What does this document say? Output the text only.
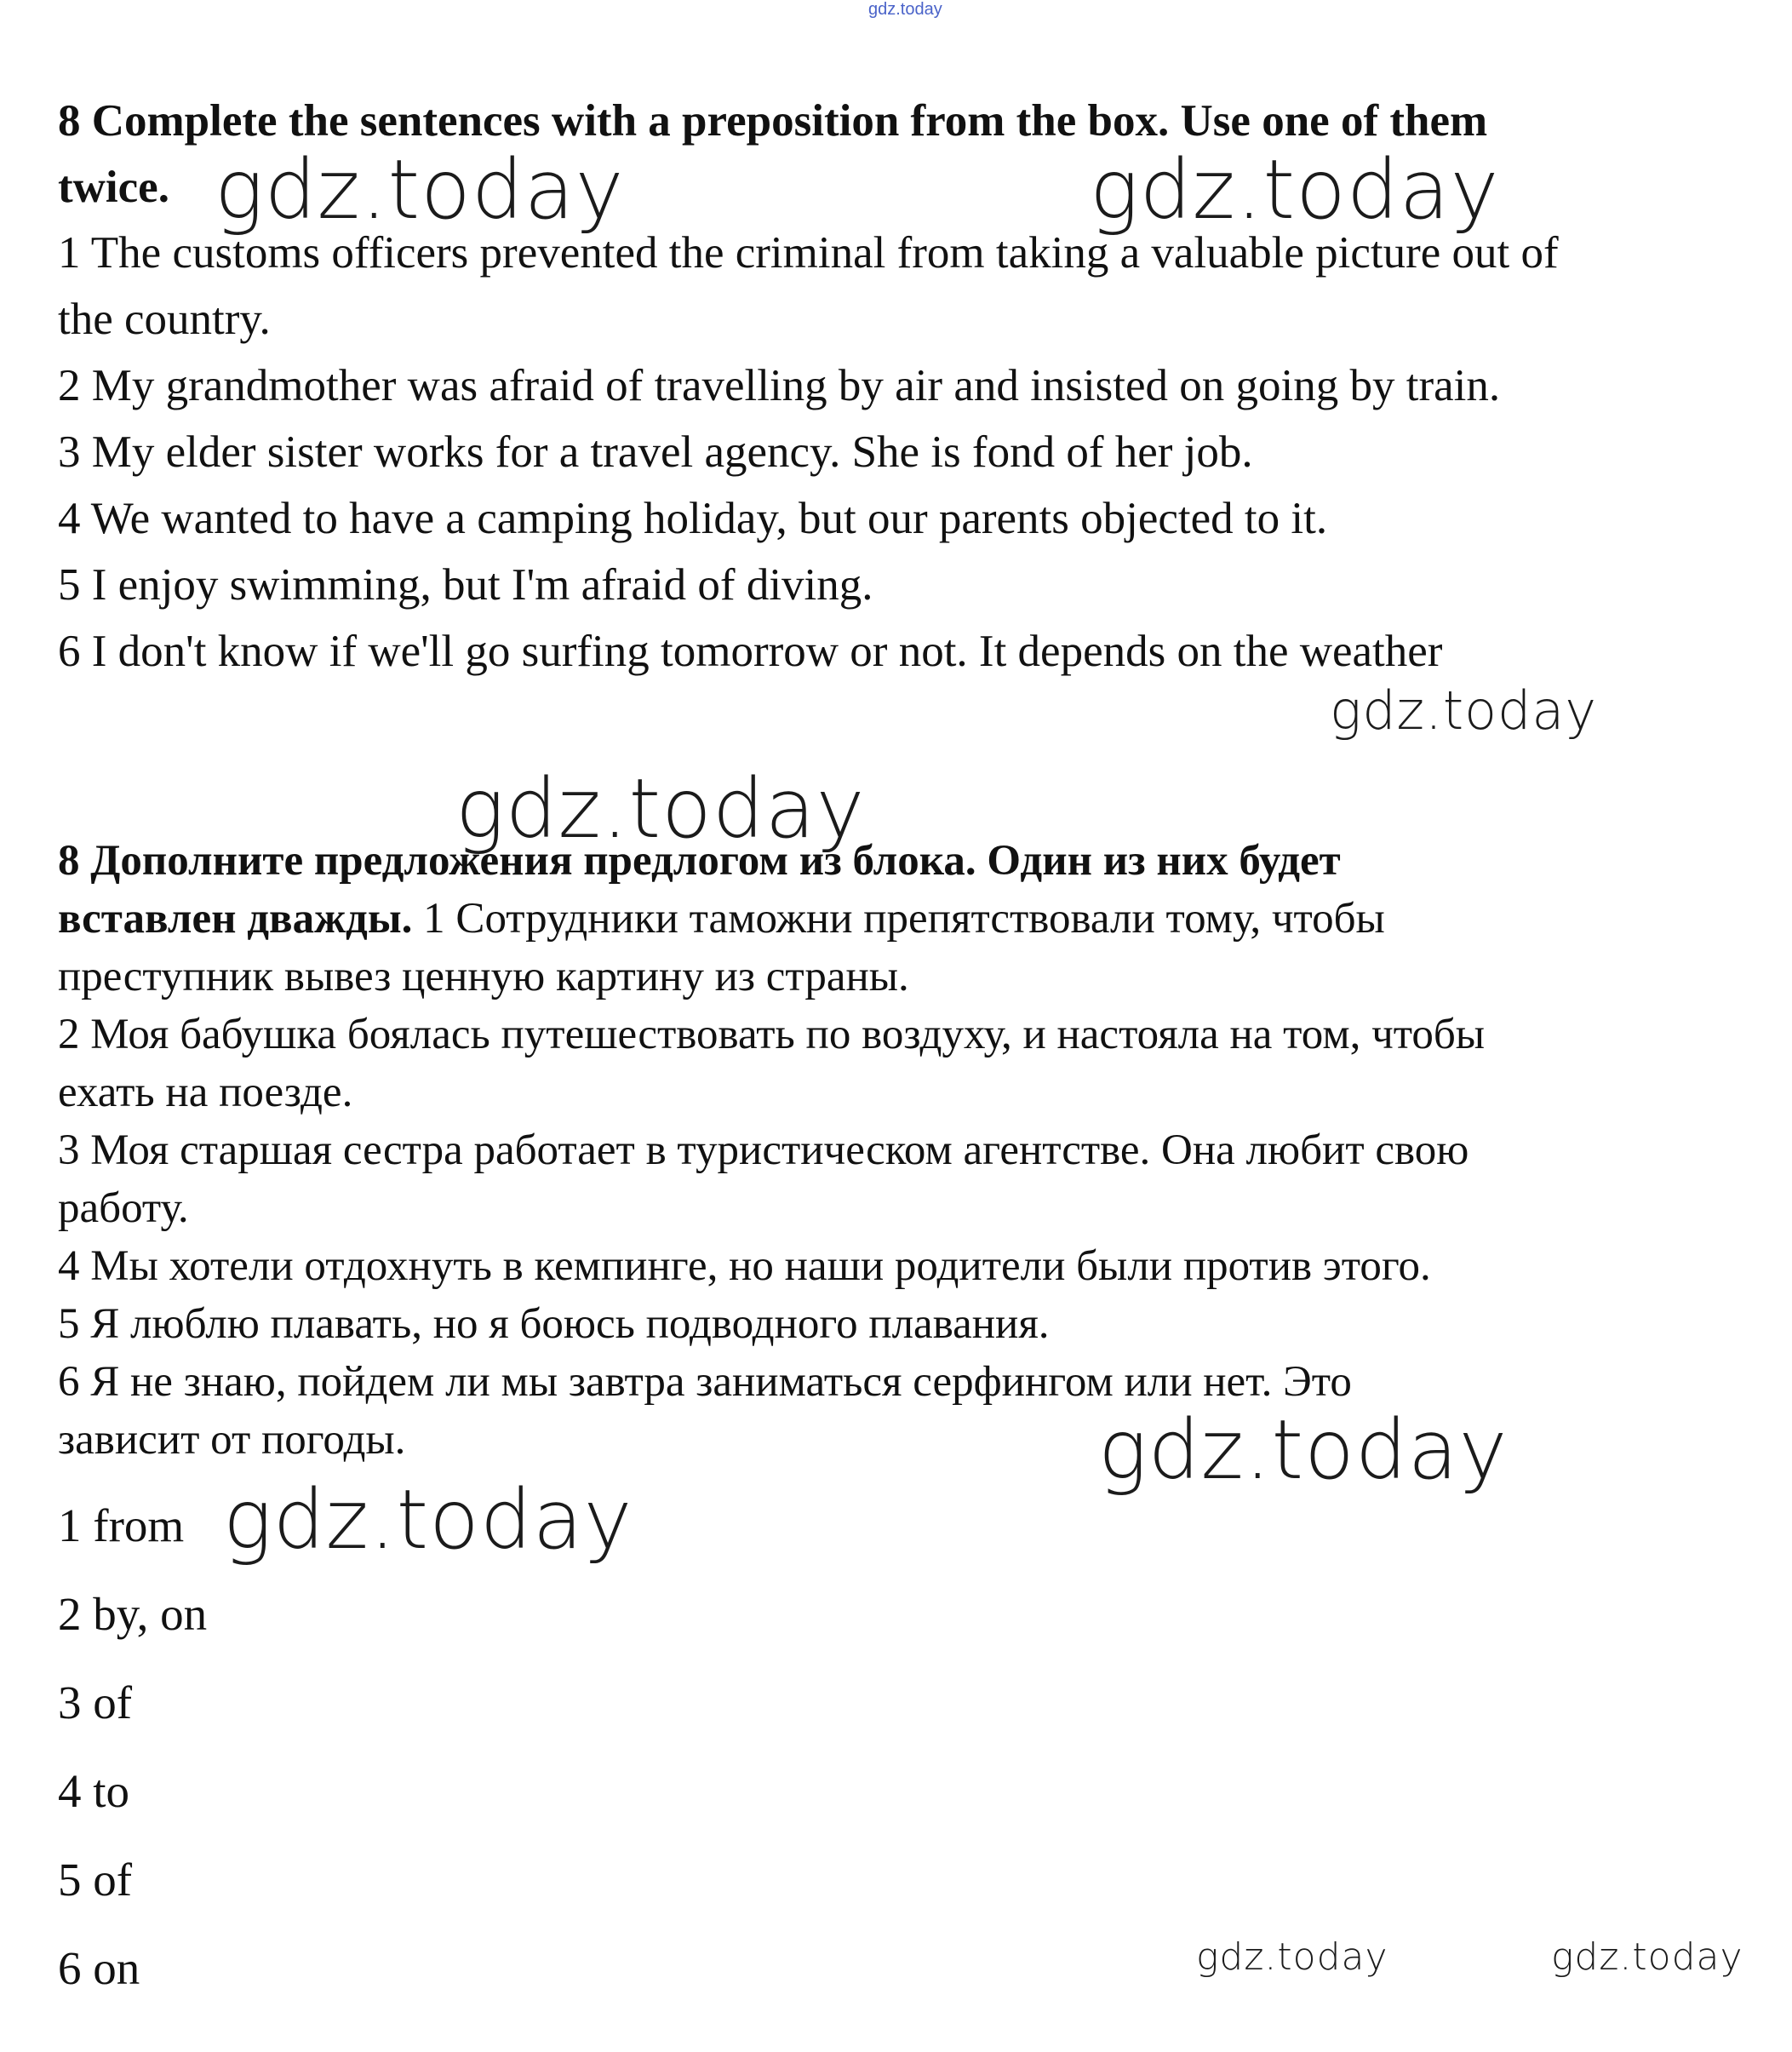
gdz.today
8 Complete the sentences with a preposition from the box. Use one of them
twice.
1 The customs officers prevented the criminal from taking a valuable picture out of
the country.
2 My grandmother was afraid of travelling by air and insisted on going by train.
3 My elder sister works for a travel agency. She is fond of her job.
4 We wanted to have a camping holiday, but our parents objected to it.
5 I enjoy swimming, but I'm afraid of diving.
6 I don't know if we'll go surfing tomorrow or not. It depends on the weather
8 Дополните предложения предлогом из блока. Один из них будет
вставлен дважды. 1 Сотрудники таможни препятствовали тому, чтобы
преступник вывез ценную картину из страны.
2 Моя бабушка боялась путешествовать по воздуху, и настояла на том, чтобы
ехать на поезде.
3 Моя старшая сестра работает в туристическом агентстве. Она любит свою
работу.
4 Мы хотели отдохнуть в кемпинге, но наши родители были против этого.
5 Я люблю плавать, но я боюсь подводного плавания.
6 Я не знаю, пойдем ли мы завтра заниматься серфингом или нет. Это
зависит от погоды.
1 from
2 by, on
3 of
4 to
5 of
6 on
gdz.today	gdz.today
gdz.today
gdz.today
gdz.today
gdz.today
gdz.today	gdz.today
